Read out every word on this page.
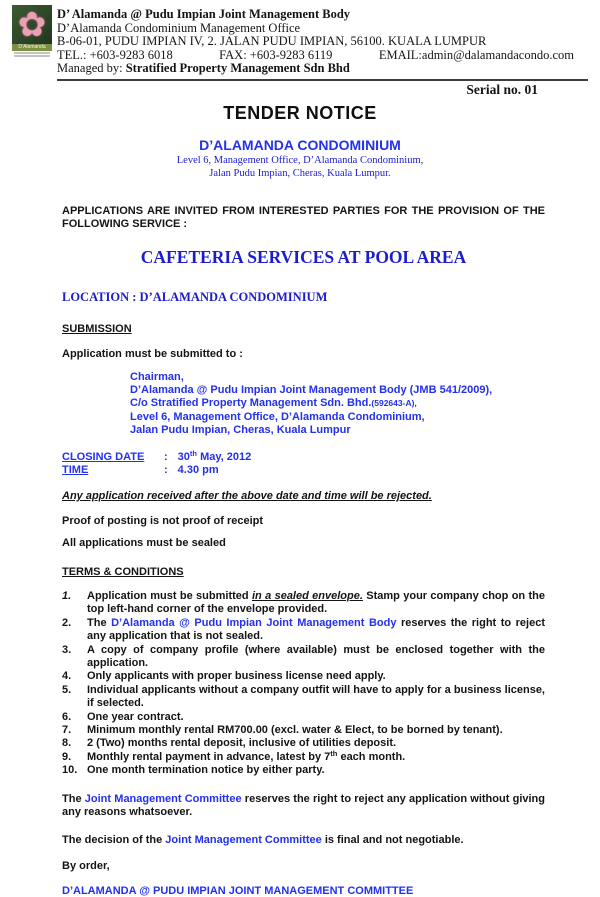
✿
D’Alamanda
D’ Alamanda @ Pudu Impian Joint Management Body
D’Alamanda Condominium Management Office
B-06-01, PUDU IMPIAN IV, 2. JALAN PUDU IMPIAN, 56100. KUALA LUMPUR
TEL.: +603-9283 6018	FAX: +603-9283 6119	EMAIL:admin@dalamandacondo.com
Managed by: Stratified Property Management Sdn Bhd
Serial no. 01
TENDER NOTICE
D’ALAMANDA CONDOMINIUM
Level 6, Management Office, D’Alamanda Condominium,
Jalan Pudu Impian, Cheras, Kuala Lumpur.
APPLICATIONS ARE INVITED FROM INTERESTED PARTIES FOR THE PROVISION OF THE FOLLOWING SERVICE :
CAFETERIA SERVICES AT POOL AREA
LOCATION : D’ALAMANDA CONDOMINIUM
SUBMISSION
Application must be submitted to :
Chairman,
D’Alamanda @ Pudu Impian Joint Management Body (JMB 541/2009),
C/o Stratified Property Management Sdn. Bhd.(592643-A),
Level 6, Management Office, D’Alamanda Condominium,
Jalan Pudu Impian, Cheras, Kuala Lumpur
CLOSING DATE : 30th May, 2012
TIME	: 4.30 pm
Any application received after the above date and time will be rejected.
Proof of posting is not proof of receipt
All applications must be sealed
TERMS & CONDITIONS
1.	Application must be submitted in a sealed envelope. Stamp your company chop on the top left-hand corner of the envelope provided.
2.	The D’Alamanda @ Pudu Impian Joint Management Body reserves the right to reject any application that is not sealed.
3.	A copy of company profile (where available) must be enclosed together with the application.
4.	Only applicants with proper business license need apply.
5.	Individual applicants without a company outfit will have to apply for a business license, if selected.
6.	One year contract.
7.	Minimum monthly rental RM700.00 (excl. water & Elect, to be borned by tenant).
8.	2 (Two) months rental deposit, inclusive of utilities deposit.
9.	Monthly rental payment in advance, latest by 7th each month.
10. One month termination notice by either party.
The Joint Management Committee reserves the right to reject any application without giving any reasons whatsoever.
The decision of the Joint Management Committee is final and not negotiable.
By order,
D’ALAMANDA @ PUDU IMPIAN JOINT MANAGEMENT COMMITTEE
